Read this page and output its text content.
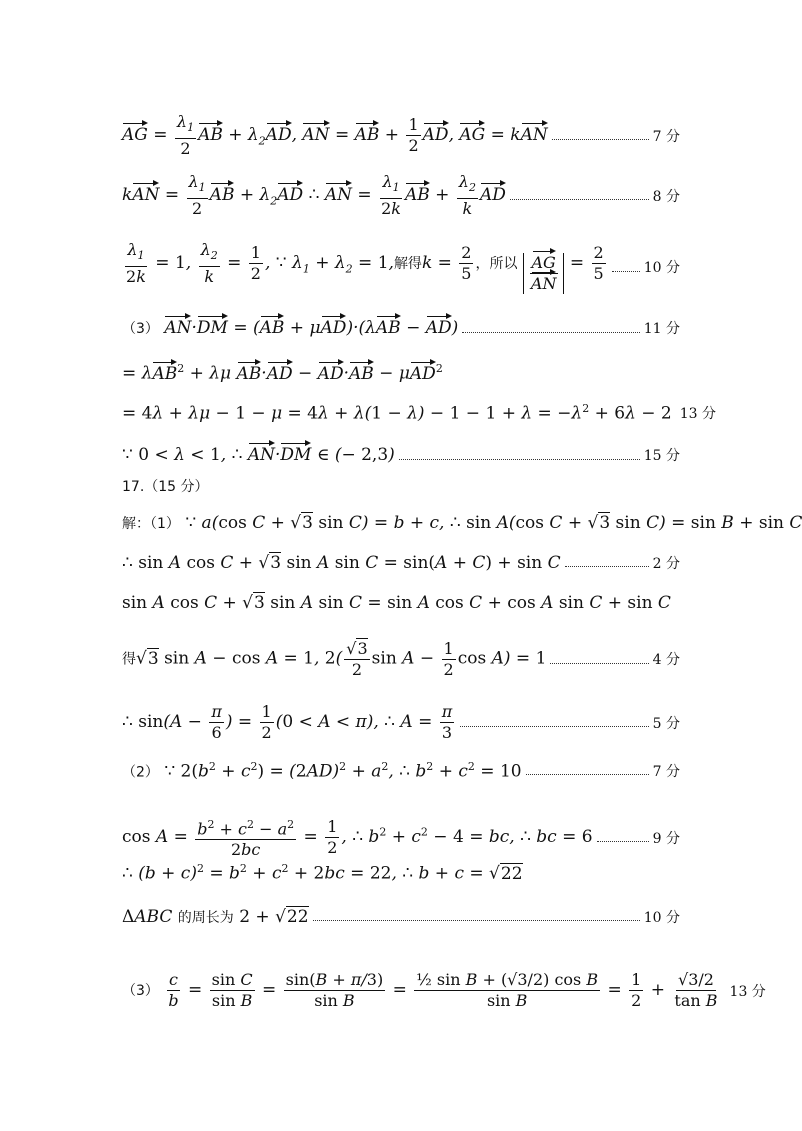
AG = $\frac{\lambda_1}{2}$ AB + $\lambda_2AD$, AN = AB + $\frac{1}{2}$ AD, AG = kAN	7 分
kAN = $\frac{\lambda_1}{2}$ AB + $\lambda_2AD$ ∴ AN = $\frac{\lambda_1}{2k}$ AB + $\frac{\lambda_2}{k}$ AD	8 分
$\frac{\lambda_1}{2k} = 1$, $\frac{\lambda_2}{k} = \frac{1}{2}$ , ∵ $\lambda_1 + \lambda_2 = 1$,解得$k = \frac{2}{5}$ ，所以 $\frac{AG}{AN} = \frac{2}{5}$	10 分
（3） AN·DM = (AB + μAD)·(λAB − AD)	11 分
= λAB$^2$ + λμ AB·AD − AD·AB − μAD$^2$
= $4\lambda + \lambda\mu - 1 - \mu = 4\lambda + \lambda(1 - \lambda) - 1 - 1 + \lambda = -\lambda^2 + 6\lambda - 2$ 13 分
∵ 0 < λ < 1, ∴ AN·DM ∈ (− 2,3)	15 分
17.（15 分）
解：（1） ∵ a(cos C + √3 sin C) = b + c, ∴ sin A(cos C + √3 sin C) = sin B + sin C
∴ sin A cos C + √3 sin A sin C = sin(A + C) + sin C	2 分
sin A cos C + √3 sin A sin C = sin A cos C + cos A sin C + sin C
得√3 sin A − cos A = 1, $2( \frac{√3}{2}$ $\sin A - \frac{1}{2}$ cos A) = 1	4 分
∴ $\sin(A - \frac{\pi}{6}$ ) = $\frac{1}{2} (0 < A < \pi)$, ∴ $A = \frac{\pi}{3}$	5 分
（2） ∵ $2(b^2 + c^2) = (2AD)^2 + a^2$, ∴ $b^2 + c^2 = 10$	7 分
$\cos A = \frac{b^2 + c^2 - a^2}{2bc} = \frac{1}{2}$ , ∴ $b^2 + c^2 - 4$ = bc, ∴ bc = 6	9 分
∴ $(b + c)^2 = b^2 + c^2 + 2bc = 22$, ∴ b + c = √22
ΔABC 的周长为 2 + √22	10 分
$(3) \frac{c}{b} = \frac{\text{sin C}}{\text{sin B}} = \frac{\sin(B + \pi/3)}{\text{sin B}} = \frac{\text{½ sin B + (√3/2) cos B}}{\text{sin B}} = \frac{1}{2} + \frac{√3/2}{\text{tan B}} 13$ 分
